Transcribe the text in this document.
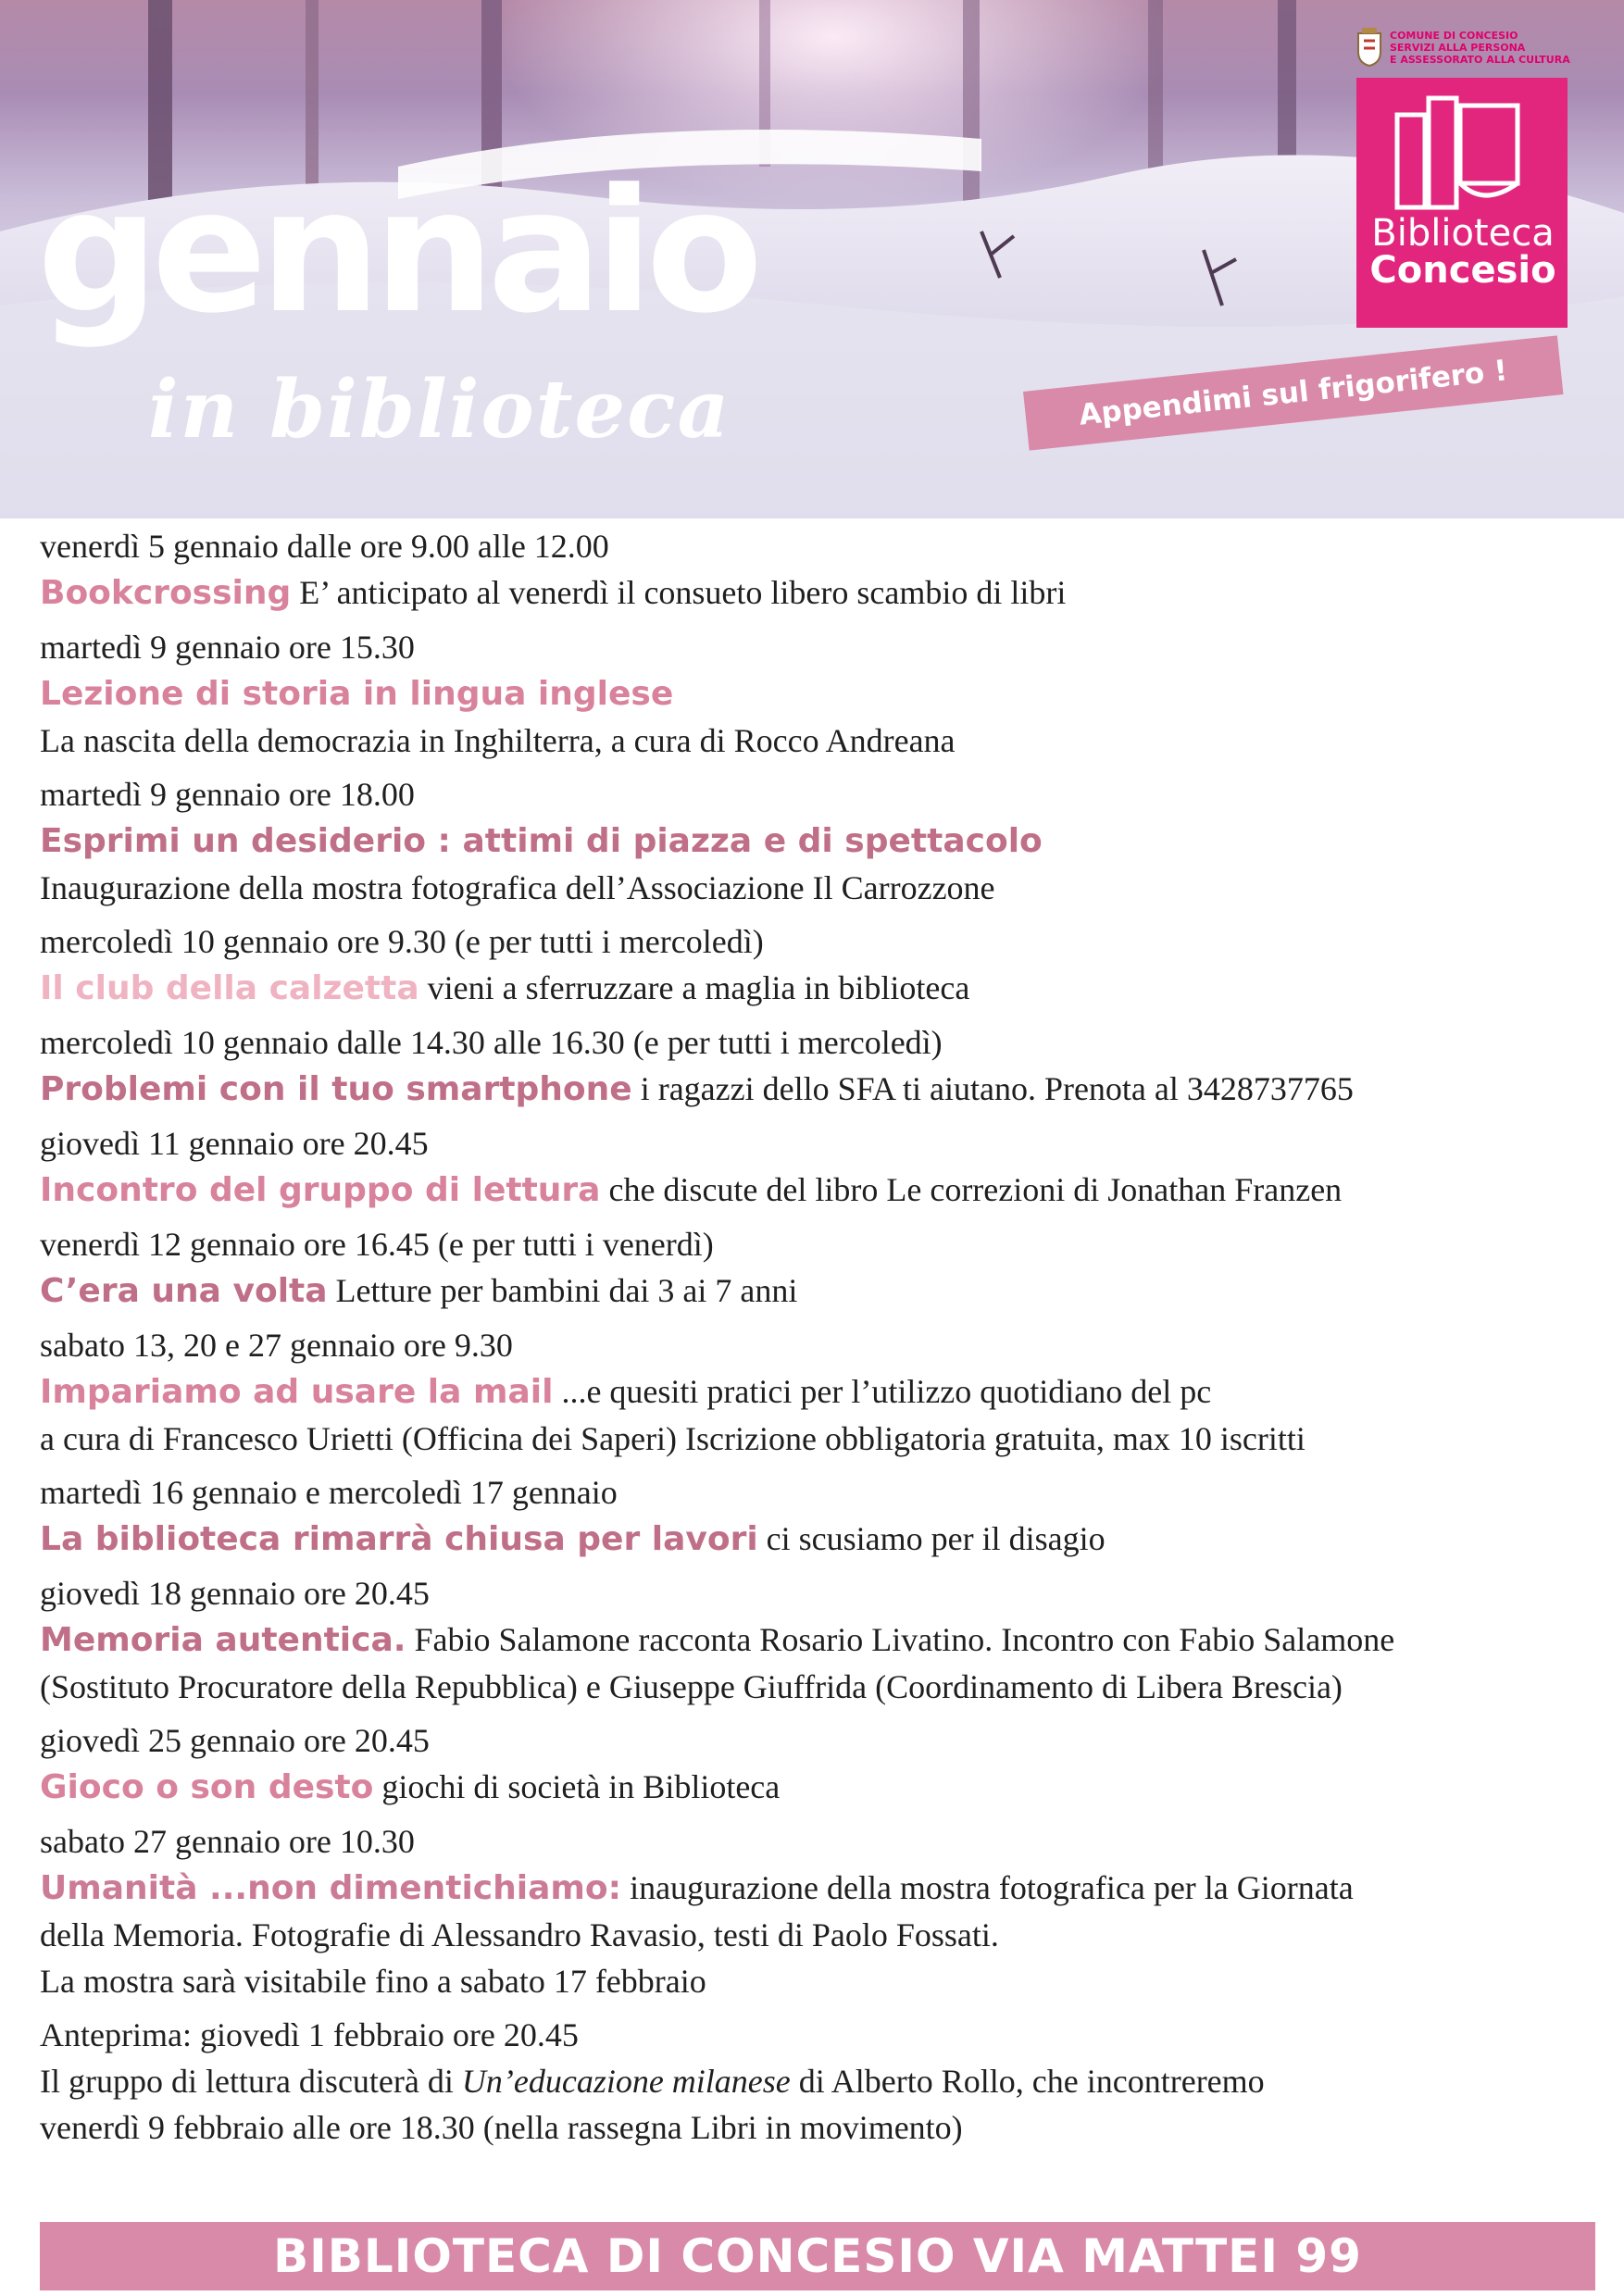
gennaio
in biblioteca	Appendimi sul frigorifero !
COMUNE DI CONCESIO
SERVIZI ALLA PERSONA
E ASSESSORATO ALLA CULTURA
Biblioteca
Concesio
venerdì 5 gennaio dalle ore 9.00 alle 12.00
Bookcrossing E’ anticipato al venerdì il consueto libero scambio di libri
martedì 9 gennaio ore 15.30
Lezione di storia in lingua inglese
La nascita della democrazia in Inghilterra, a cura di Rocco Andreana
martedì 9 gennaio ore 18.00
Esprimi un desiderio : attimi di piazza e di spettacolo
Inaugurazione della mostra fotografica dell’Associazione Il Carrozzone
mercoledì 10 gennaio ore 9.30 (e per tutti i mercoledì)
Il club della calzetta vieni a sferruzzare a maglia in biblioteca
mercoledì 10 gennaio dalle 14.30 alle 16.30 (e per tutti i mercoledì)
Problemi con il tuo smartphone i ragazzi dello SFA ti aiutano. Prenota al 3428737765
giovedì 11 gennaio ore 20.45
Incontro del gruppo di lettura che discute del libro Le correzioni di Jonathan Franzen
venerdì 12 gennaio ore 16.45 (e per tutti i venerdì)
C’era una volta Letture per bambini dai 3 ai 7 anni
sabato 13, 20 e 27 gennaio ore 9.30
Impariamo ad usare la mail ...e quesiti pratici per l’utilizzo quotidiano del pc
a cura di Francesco Urietti (Officina dei Saperi) Iscrizione obbligatoria gratuita, max 10 iscritti
martedì 16 gennaio e mercoledì 17 gennaio
La biblioteca rimarrà chiusa per lavori ci scusiamo per il disagio
giovedì 18 gennaio ore 20.45
Memoria autentica. Fabio Salamone racconta Rosario Livatino. Incontro con Fabio Salamone
(Sostituto Procuratore della Repubblica) e Giuseppe Giuffrida (Coordinamento di Libera Brescia)
giovedì 25 gennaio ore 20.45
Gioco o son desto giochi di società in Biblioteca
sabato 27 gennaio ore 10.30
Umanità ...non dimentichiamo: inaugurazione della mostra fotografica per la Giornata
della Memoria. Fotografie di Alessandro Ravasio, testi di Paolo Fossati.
La mostra sarà visitabile fino a sabato 17 febbraio
Anteprima: giovedì 1 febbraio ore 20.45
Il gruppo di lettura discuterà di Un’educazione milanese di Alberto Rollo, che incontreremo
venerdì 9 febbraio alle ore 18.30 (nella rassegna Libri in movimento)
BIBLIOTECA DI CONCESIO VIA MATTEI 99
